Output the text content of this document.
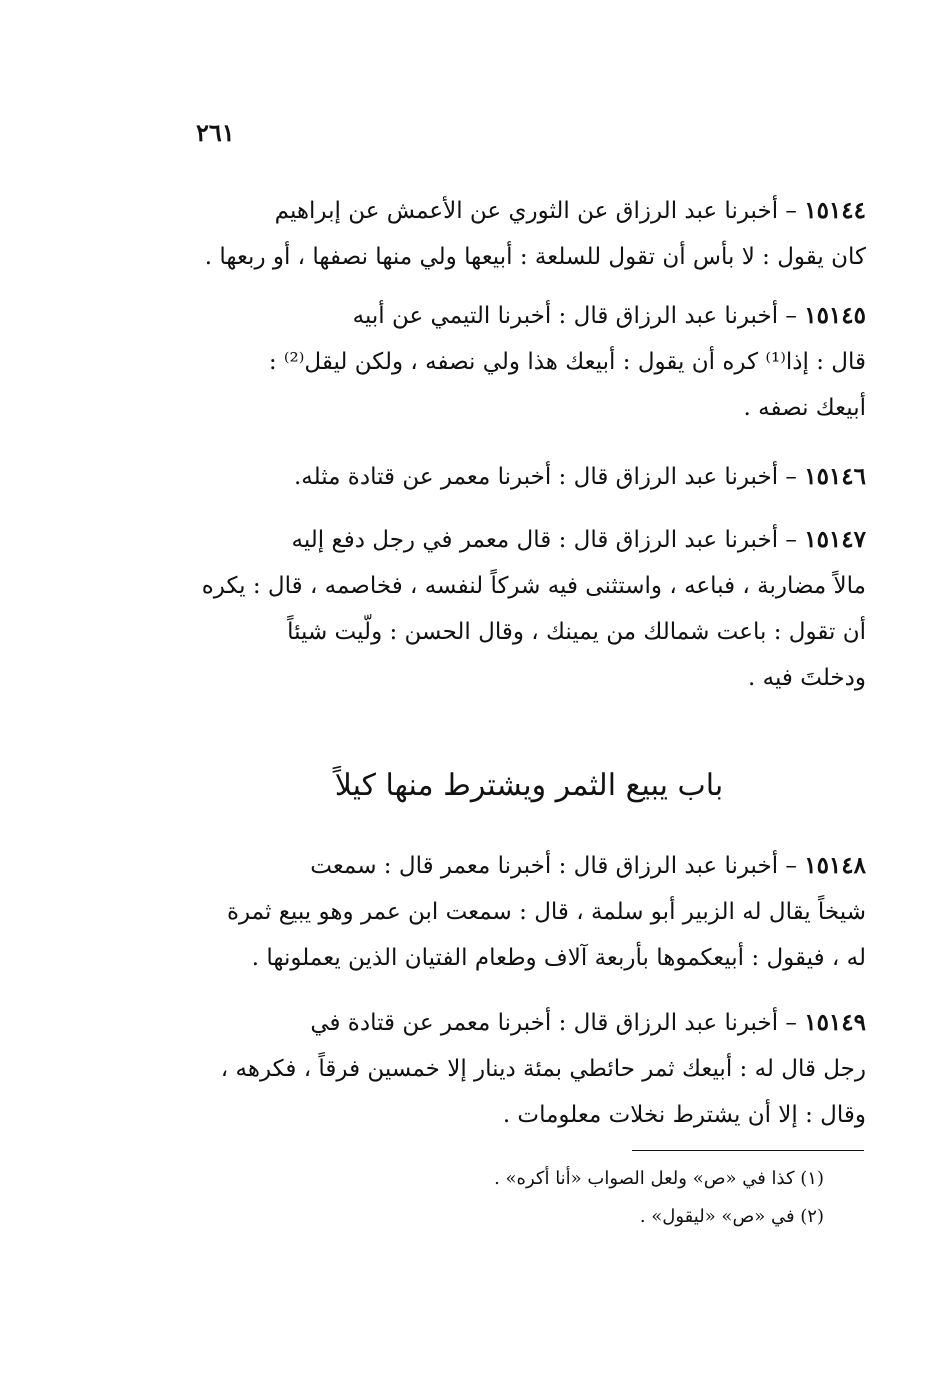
٢٦١
١٥١٤٤ – أخبرنا عبد الرزاق عن الثوري عن الأعمش عن إبراهيم
كان يقول : لا بأس أن تقول للسلعة : أبيعها ولي منها نصفها ، أو ربعها .
١٥١٤٥ – أخبرنا عبد الرزاق قال : أخبرنا التيمي عن أبيه
قال : إذا⁽¹⁾ كره أن يقول : أبيعك هذا ولي نصفه ، ولكن ليقل⁽²⁾ :
أبيعك نصفه .
١٥١٤٦ – أخبرنا عبد الرزاق قال : أخبرنا معمر عن قتادة مثله.
١٥١٤٧ – أخبرنا عبد الرزاق قال : قال معمر في رجل دفع إليه
مالاً مضاربة ، فباعه ، واستثنى فيه شركاً لنفسه ، فخاصمه ، قال : يكره
أن تقول : باعت شمالك من يمينك ، وقال الحسن : ولّيت شيئاً
ودخلتَ فيه .
باب يبيع الثمر ويشترط منها كيلاً
١٥١٤٨ – أخبرنا عبد الرزاق قال : أخبرنا معمر قال : سمعت
شيخاً يقال له الزبير أبو سلمة ، قال : سمعت ابن عمر وهو يبيع ثمرة
له ، فيقول : أبيعكموها بأربعة آلاف وطعام الفتيان الذين يعملونها .
١٥١٤٩ – أخبرنا عبد الرزاق قال : أخبرنا معمر عن قتادة في
رجل قال له : أبيعك ثمر حائطي بمئة دينار إلا خمسين فرقاً ، فكرهه ،
وقال : إلا أن يشترط نخلات معلومات .
(١) كذا في «ص» ولعل الصواب «أنا أكره» .
(٢) في «ص» «ليقول» .
